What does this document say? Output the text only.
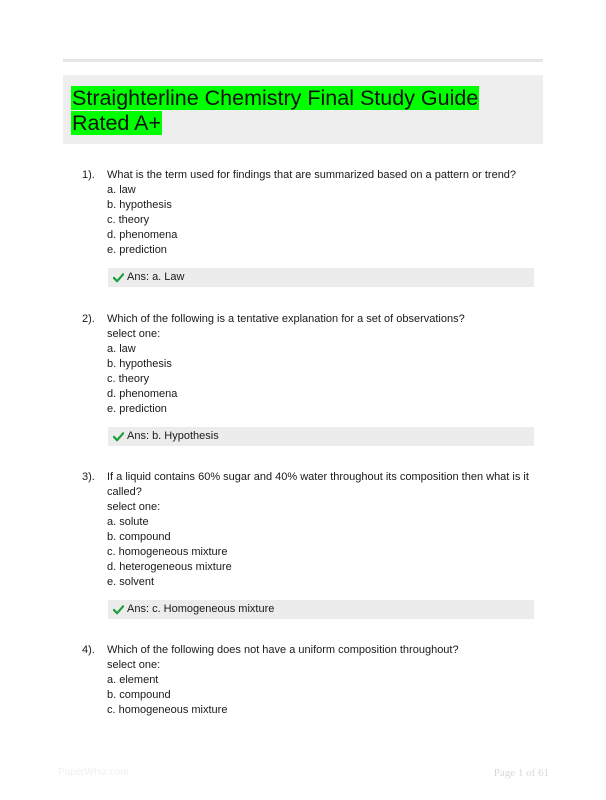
Straighterline Chemistry Final Study Guide Rated A+
1). What is the term used for findings that are summarized based on a pattern or trend?
a. law
b. hypothesis
c. theory
d. phenomena
e. prediction
Ans: a. Law
2). Which of the following is a tentative explanation for a set of observations?
select one:
a. law
b. hypothesis
c. theory
d. phenomena
e. prediction
Ans: b. Hypothesis
3). If a liquid contains 60% sugar and 40% water throughout its composition then what is it
called?
select one:
a. solute
b. compound
c. homogeneous mixture
d. heterogeneous mixture
e. solvent
Ans: c. Homogeneous mixture
4). Which of the following does not have a uniform composition throughout?
select one:
a. element
b. compound
c. homogeneous mixture
PaperWhiz.com	Page 1 of 61
